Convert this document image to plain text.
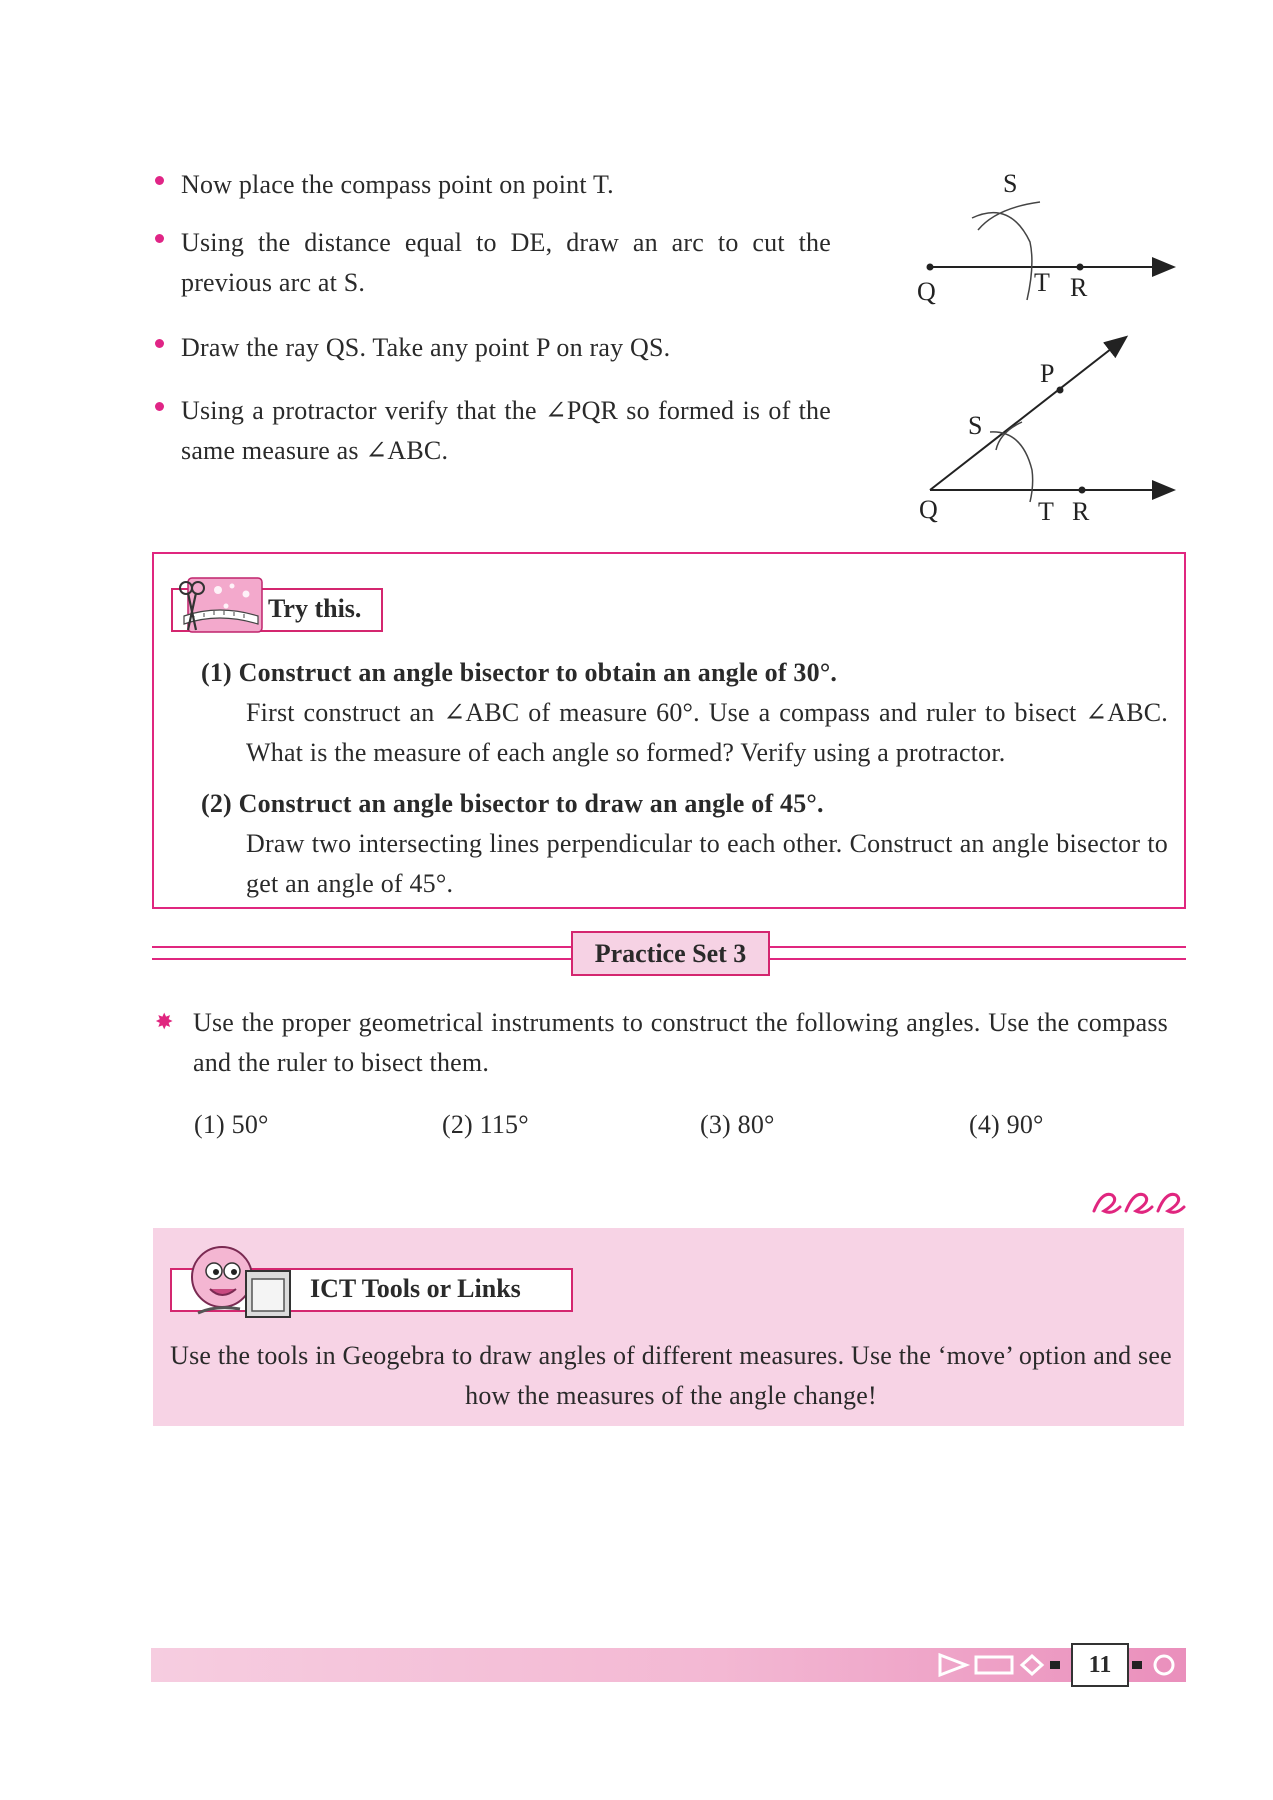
Now place the compass point on point T.
Using the distance equal to DE, draw an arc to cut the previous arc at S.
Draw the ray QS. Take any point P on ray QS.
Using a protractor verify that the ∠PQR so formed is of the same measure as ∠ABC.
S
Q	T R
P
S
Q	T R
Try this.
(1) Construct an angle bisector to obtain an angle of 30°.
First construct an ∠ABC of measure 60°. Use a compass and ruler to bisect ∠ABC. What is the measure of each angle so formed? Verify using a protractor.
(2) Construct an angle bisector to draw an angle of 45°.
Draw two intersecting lines perpendicular to each other. Construct an angle bisector to get an angle of 45°.
Practice Set 3
✸ Use the proper geometrical instruments to construct the following angles. Use the compass and the ruler to bisect them.
(1) 50°	(2) 115°	(3) 80°	(4) 90°
ICT Tools or Links
Use the tools in Geogebra to draw angles of different measures. Use the ‘move’ option and see how the measures of the angle change!
11
